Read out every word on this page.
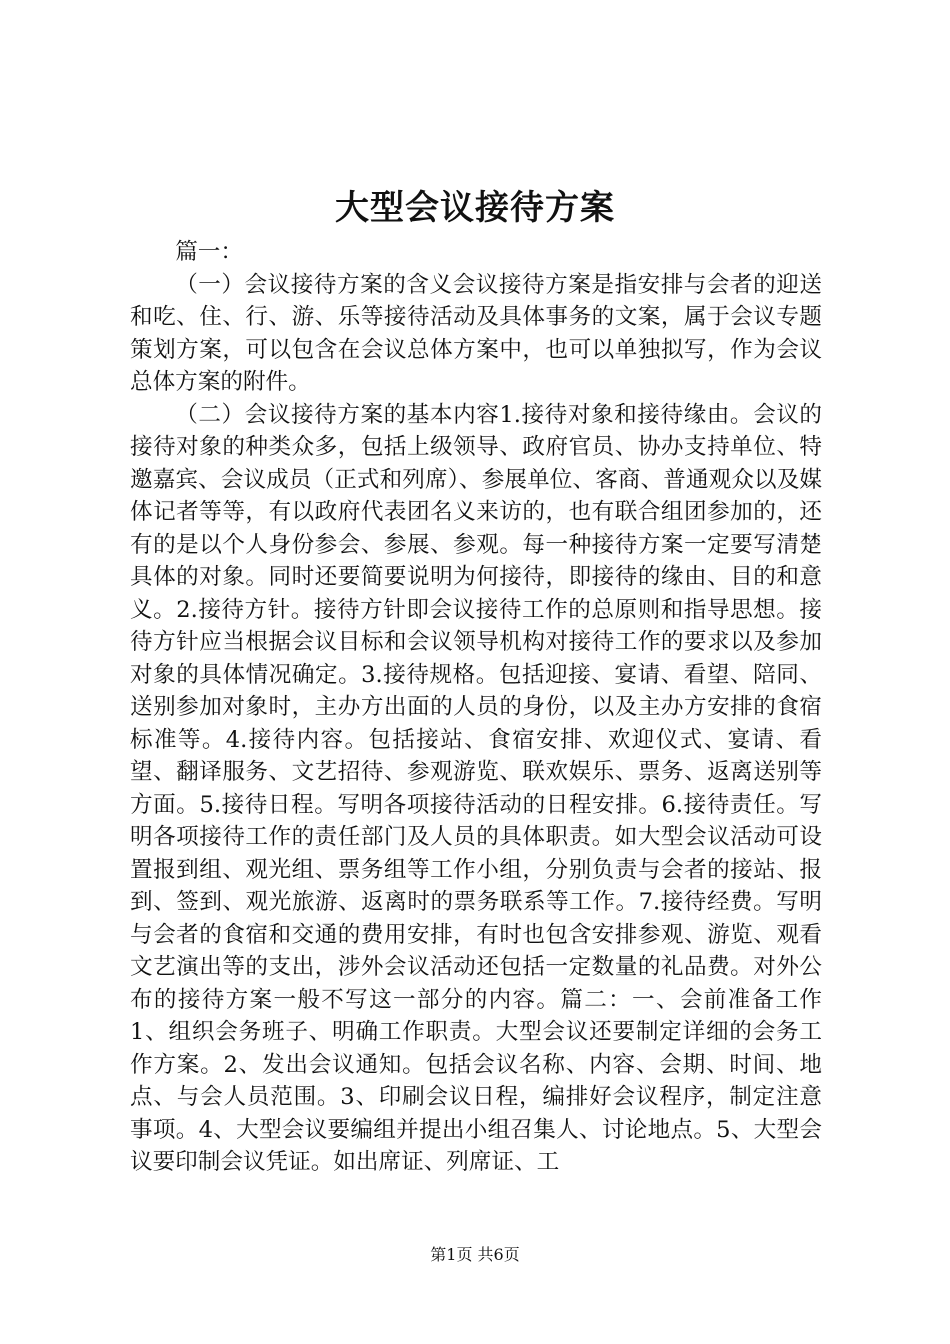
大型会议接待方案

篇一：

（一）会议接待方案的含义会议接待方案是指安排与会者的迎送和吃、住、行、游、乐等接待活动及具体事务的文案，属于会议专题策划方案，可以包含在会议总体方案中，也可以单独拟写，作为会议总体方案的附件。

（二）会议接待方案的基本内容1.接待对象和接待缘由。会议的接待对象的种类众多，包括上级领导、政府官员、协办支持单位、特邀嘉宾、会议成员（正式和列席）、参展单位、客商、普通观众以及媒体记者等等，有以政府代表团名义来访的，也有联合组团参加的，还有的是以个人身份参会、参展、参观。每一种接待方案一定要写清楚具体的对象。同时还要简要说明为何接待，即接待的缘由、目的和意义。2.接待方针。接待方针即会议接待工作的总原则和指导思想。接待方针应当根据会议目标和会议领导机构对接待工作的要求以及参加对象的具体情况确定。3.接待规格。包括迎接、宴请、看望、陪同、送别参加对象时，主办方出面的人员的身份，以及主办方安排的食宿标准等。4.接待内容。包括接站、食宿安排、欢迎仪式、宴请、看望、翻译服务、文艺招待、参观游览、联欢娱乐、票务、返离送别等方面。5.接待日程。写明各项接待活动的日程安排。6.接待责任。写明各项接待工作的责任部门及人员的具体职责。如大型会议活动可设置报到组、观光组、票务组等工作小组，分别负责与会者的接站、报到、签到、观光旅游、返离时的票务联系等工作。7.接待经费。写明与会者的食宿和交通的费用安排，有时也包含安排参观、游览、观看文艺演出等的支出，涉外会议活动还包括一定数量的礼品费。对外公布的接待方案一般不写这一部分的内容。篇二：一、会前准备工作1、组织会务班子、明确工作职责。大型会议还要制定详细的会务工作方案。2、发出会议通知。包括会议名称、内容、会期、时间、地点、与会人员范围。3、印刷会议日程，编排好会议程序，制定注意事项。4、大型会议要编组并提出小组召集人、讨论地点。5、大型会议要印制会议凭证。如出席证、列席证、工

第1页 共6页
